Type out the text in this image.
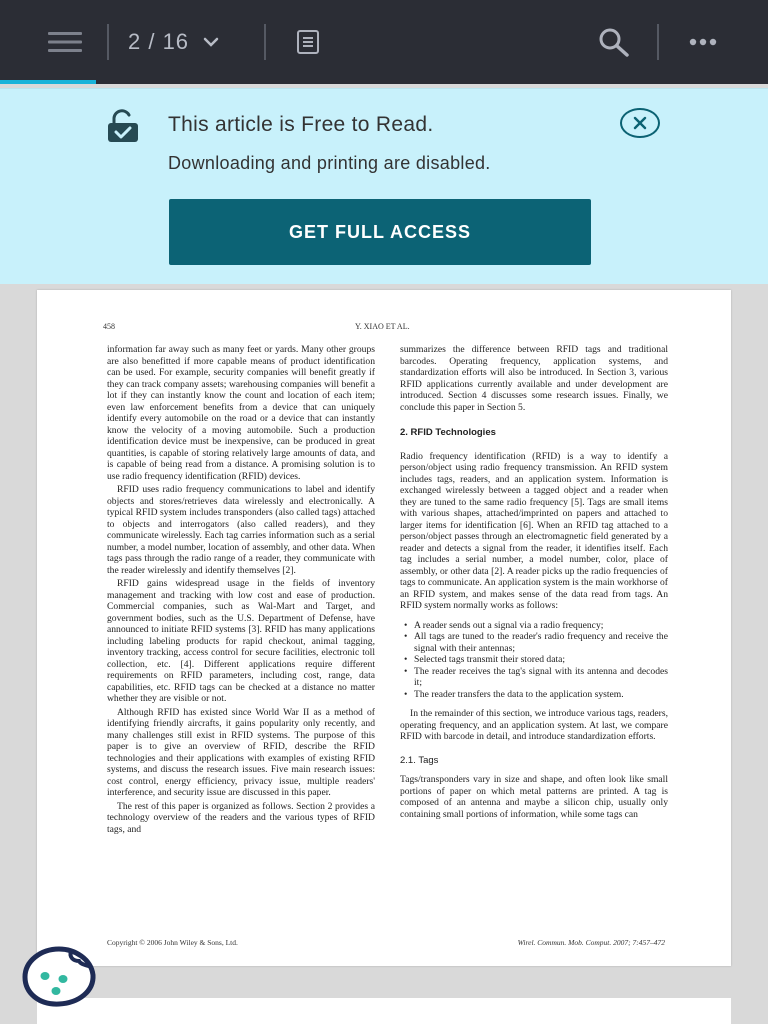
2 / 16
This article is Free to Read.
Downloading and printing are disabled.
GET FULL ACCESS
458	Y. XIAO ET AL.

information far away such as many feet or yards. Many other groups are also benefitted if more capable means of product identification can be used. For example, security companies will benefit greatly if they can track company assets; warehousing companies will benefit a lot if they can instantly know the count and location of each item; even law enforcement benefits from a device that can uniquely identify every automobile on the road or a device that can instantly know the velocity of a moving automobile. Such a production identification device must be inexpensive, can be produced in great quantities, is capable of storing relatively large amounts of data, and is capable of being read from a distance. A promising solution is to use radio frequency identification (RFID) devices.

RFID uses radio frequency communications to label and identify objects and stores/retrieves data wirelessly and electronically. A typical RFID system includes transponders (also called tags) attached to objects and interrogators (also called readers), and they communicate wirelessly. Each tag carries information such as a serial number, a model number, location of assembly, and other data. When tags pass through the radio range of a reader, they communicate with the reader wirelessly and identify themselves [2].

RFID gains widespread usage in the fields of inventory management and tracking with low cost and ease of production. Commercial companies, such as Wal-Mart and Target, and government bodies, such as the U.S. Department of Defense, have announced to initiate RFID systems [3]. RFID has many applications including labeling products for rapid checkout, animal tagging, inventory tracking, access control for secure facilities, electronic toll collection, etc. [4]. Different applications require different requirements on RFID parameters, including cost, range, data capabilities, etc. RFID tags can be checked at a distance no matter whether they are visible or not.

Although RFID has existed since World War II as a method of identifying friendly aircrafts, it gains popularity only recently, and many challenges still exist in RFID systems. The purpose of this paper is to give an overview of RFID, describe the RFID technologies and their applications with examples of existing RFID systems, and discuss the research issues. Five main research issues: cost control, energy efficiency, privacy issue, multiple readers' interference, and security issue are discussed in this paper.

The rest of this paper is organized as follows. Section 2 provides a technology overview of the readers and the various types of RFID tags, and

summarizes the difference between RFID tags and traditional barcodes. Operating frequency, application systems, and standardization efforts will also be introduced. In Section 3, various RFID applications currently available and under development are introduced. Section 4 discusses some research issues. Finally, we conclude this paper in Section 5.

2. RFID Technologies

Radio frequency identification (RFID) is a way to identify a person/object using radio frequency transmission. An RFID system includes tags, readers, and an application system. Information is exchanged wirelessly between a tagged object and a reader when they are tuned to the same radio frequency [5]. Tags are small items with various shapes, attached/imprinted on papers and attached to larger items for identification [6]. When an RFID tag attached to a person/object passes through an electromagnetic field generated by a reader and detects a signal from the reader, it identifies itself. Each tag includes a serial number, a model number, color, place of assembly, or other data [2]. A reader picks up the radio frequencies of tags to communicate. An application system is the main workhorse of an RFID system, and makes sense of the data read from tags. An RFID system normally works as follows:

• A reader sends out a signal via a radio frequency;
• All tags are tuned to the reader's radio frequency and receive the signal with their antennas;
• Selected tags transmit their stored data;
• The reader receives the tag's signal with its antenna and decodes it;
• The reader transfers the data to the application system.

In the remainder of this section, we introduce various tags, readers, operating frequency, and an application system. At last, we compare RFID with barcode in detail, and introduce standardization efforts.

2.1. Tags

Tags/transponders vary in size and shape, and often look like small portions of paper on which metal patterns are printed. A tag is composed of an antenna and maybe a silicon chip, usually only containing small portions of information, while some tags can

Copyright © 2006 John Wiley & Sons, Ltd.	Wirel. Commun. Mob. Comput. 2007; 7:457–472
